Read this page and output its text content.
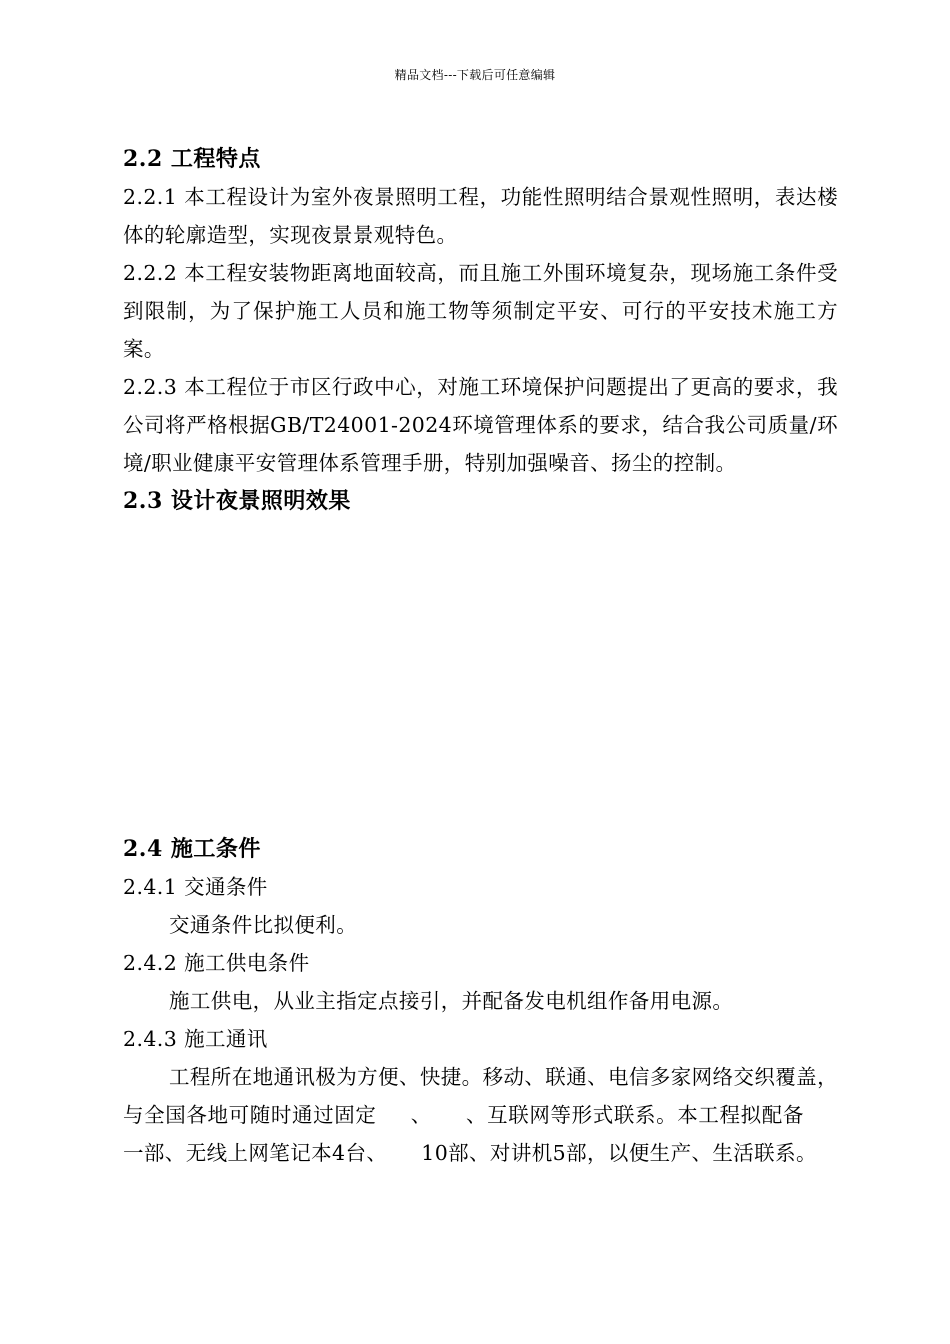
精品文档---下载后可任意编辑
2.2 工程特点

2.2.1 本工程设计为室外夜景照明工程，功能性照明结合景观性照明，表达楼体的轮廓造型，实现夜景景观特色。

2.2.2 本工程安装物距离地面较高，而且施工外围环境复杂，现场施工条件受到限制，为了保护施工人员和施工物等须制定平安、可行的平安技术施工方案。

2.2.3 本工程位于市区行政中心，对施工环境保护问题提出了更高的要求，我公司将严格根据GB/T24001-2024环境管理体系的要求，结合我公司质量/环境/职业健康平安管理体系管理手册，特别加强噪音、扬尘的控制。

2.3 设计夜景照明效果
2.4 施工条件

2.4.1 交通条件

交通条件比拟便利。

2.4.2 施工供电条件

施工供电，从业主指定点接引，并配备发电机组作备用电源。

2.4.3 施工通讯

工程所在地通讯极为方便、快捷。移动、联通、电信多家网络交织覆盖，与全国各地可随时通过固定 、 、互联网等形式联系。本工程拟配备一部、无线上网笔记本4台、 10部、对讲机5部，以便生产、生活联系。
